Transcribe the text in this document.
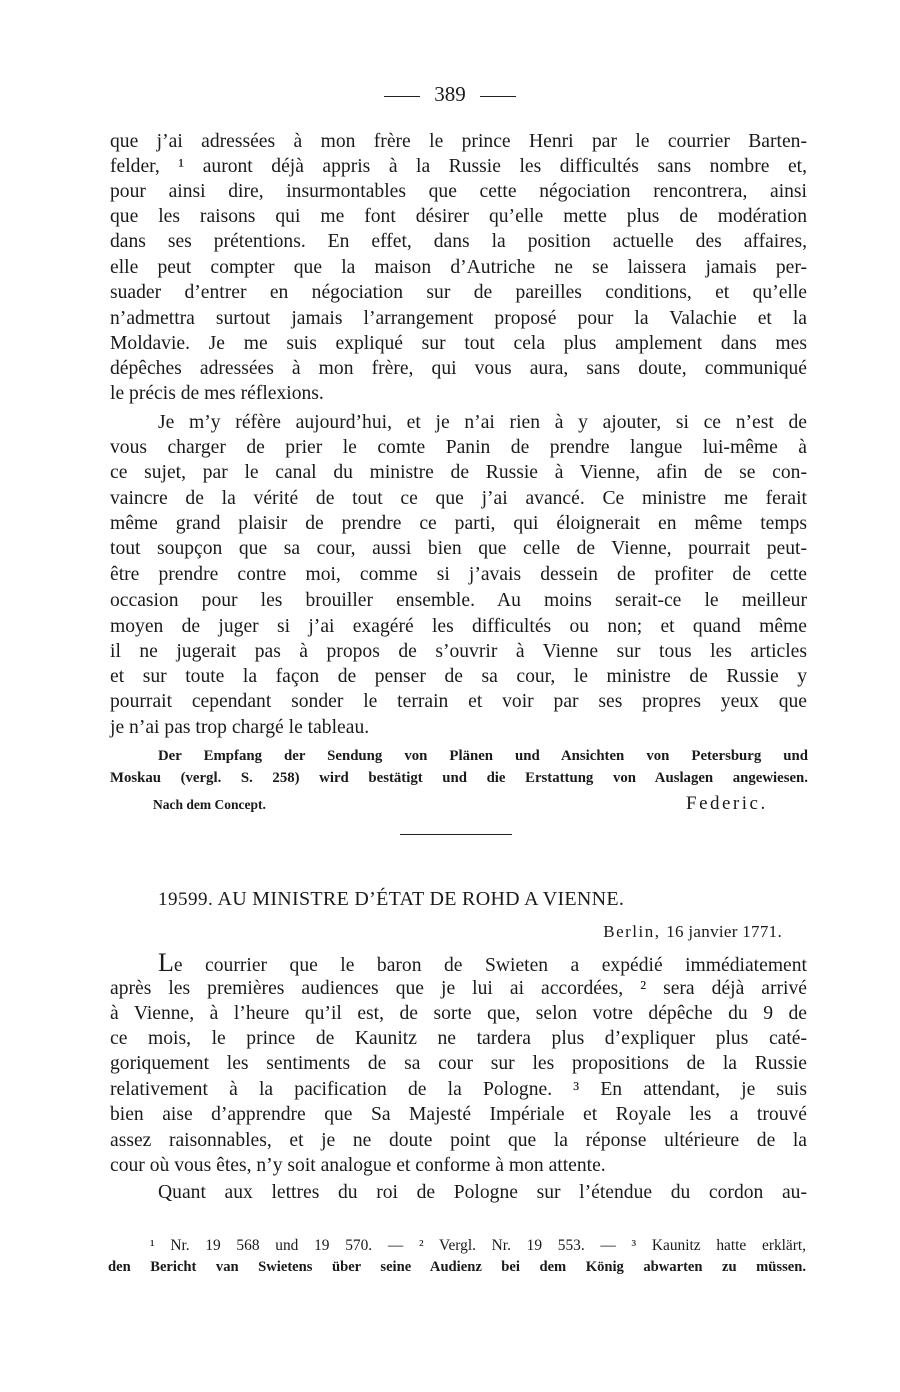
389
que j’ai adressées à mon frère le prince Henri par le courrier Barten-
felder, ¹ auront déjà appris à la Russie les difficultés sans nombre et,
pour ainsi dire, insurmontables que cette négociation rencontrera, ainsi
que les raisons qui me font désirer qu’elle mette plus de modération
dans ses prétentions. En effet, dans la position actuelle des affaires,
elle peut compter que la maison d’Autriche ne se laissera jamais per-
suader d’entrer en négociation sur de pareilles conditions, et qu’elle
n’admettra surtout jamais l’arrangement proposé pour la Valachie et la
Moldavie. Je me suis expliqué sur tout cela plus amplement dans mes
dépêches adressées à mon frère, qui vous aura, sans doute, communiqué
le précis de mes réflexions.
Je m’y réfère aujourd’hui, et je n’ai rien à y ajouter, si ce n’est de
vous charger de prier le comte Panin de prendre langue lui-même à
ce sujet, par le canal du ministre de Russie à Vienne, afin de se con-
vaincre de la vérité de tout ce que j’ai avancé. Ce ministre me ferait
même grand plaisir de prendre ce parti, qui éloignerait en même temps
tout soupçon que sa cour, aussi bien que celle de Vienne, pourrait peut-
être prendre contre moi, comme si j’avais dessein de profiter de cette
occasion pour les brouiller ensemble. Au moins serait-ce le meilleur
moyen de juger si j’ai exagéré les difficultés ou non; et quand même
il ne jugerait pas à propos de s’ouvrir à Vienne sur tous les articles
et sur toute la façon de penser de sa cour, le ministre de Russie y
pourrait cependant sonder le terrain et voir par ses propres yeux que
je n’ai pas trop chargé le tableau.
Der Empfang der Sendung von Plänen und Ansichten von Petersburg und
Moskau (vergl. S. 258) wird bestätigt und die Erstattung von Auslagen angewiesen.
Nach dem Concept.	Federic.
19599. AU MINISTRE D’ÉTAT DE ROHD A VIENNE.
Berlin, 16 janvier 1771.
Le courrier que le baron de Swieten a expédié immédiatement
après les premières audiences que je lui ai accordées, ² sera déjà arrivé
à Vienne, à l’heure qu’il est, de sorte que, selon votre dépêche du 9 de
ce mois, le prince de Kaunitz ne tardera plus d’expliquer plus caté-
goriquement les sentiments de sa cour sur les propositions de la Russie
relativement à la pacification de la Pologne. ³ En attendant, je suis
bien aise d’apprendre que Sa Majesté Impériale et Royale les a trouvé
assez raisonnables, et je ne doute point que la réponse ultérieure de la
cour où vous êtes, n’y soit analogue et conforme à mon attente.
Quant aux lettres du roi de Pologne sur l’étendue du cordon au-
¹ Nr. 19 568 und 19 570. — ² Vergl. Nr. 19 553. — ³ Kaunitz hatte erklärt,
den Bericht van Swietens über seine Audienz bei dem König abwarten zu müssen.
